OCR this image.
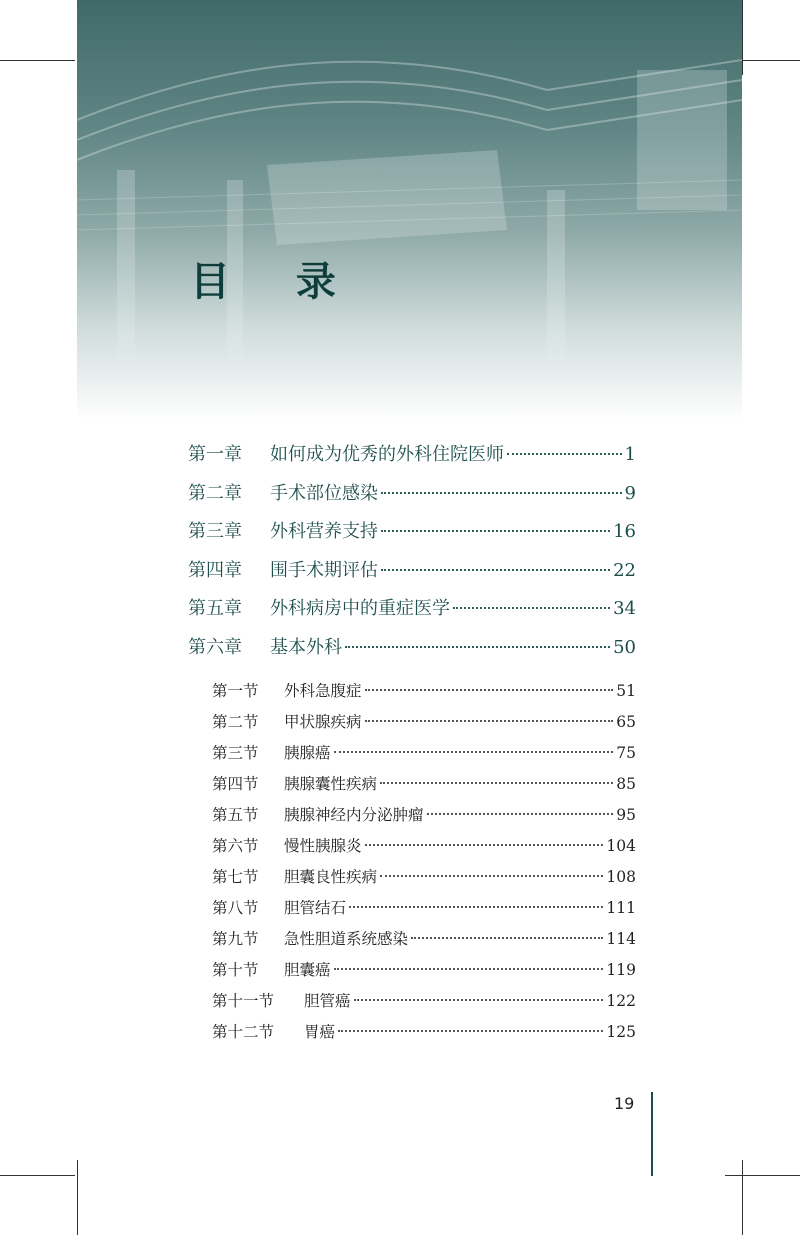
目 录
第一章	如何成为优秀的外科住院医师	1
第二章	手术部位感染	9
第三章	外科营养支持	16
第四章	围手术期评估	22
第五章	外科病房中的重症医学	34
第六章	基本外科	50
第一节	外科急腹症	51
第二节	甲状腺疾病	65
第三节	胰腺癌	75
第四节	胰腺囊性疾病	85
第五节	胰腺神经内分泌肿瘤	95
第六节	慢性胰腺炎	104
第七节	胆囊良性疾病	108
第八节	胆管结石	111
第九节	急性胆道系统感染	114
第十节	胆囊癌	119
第十一节	胆管癌	122
第十二节	胃癌	125
19
